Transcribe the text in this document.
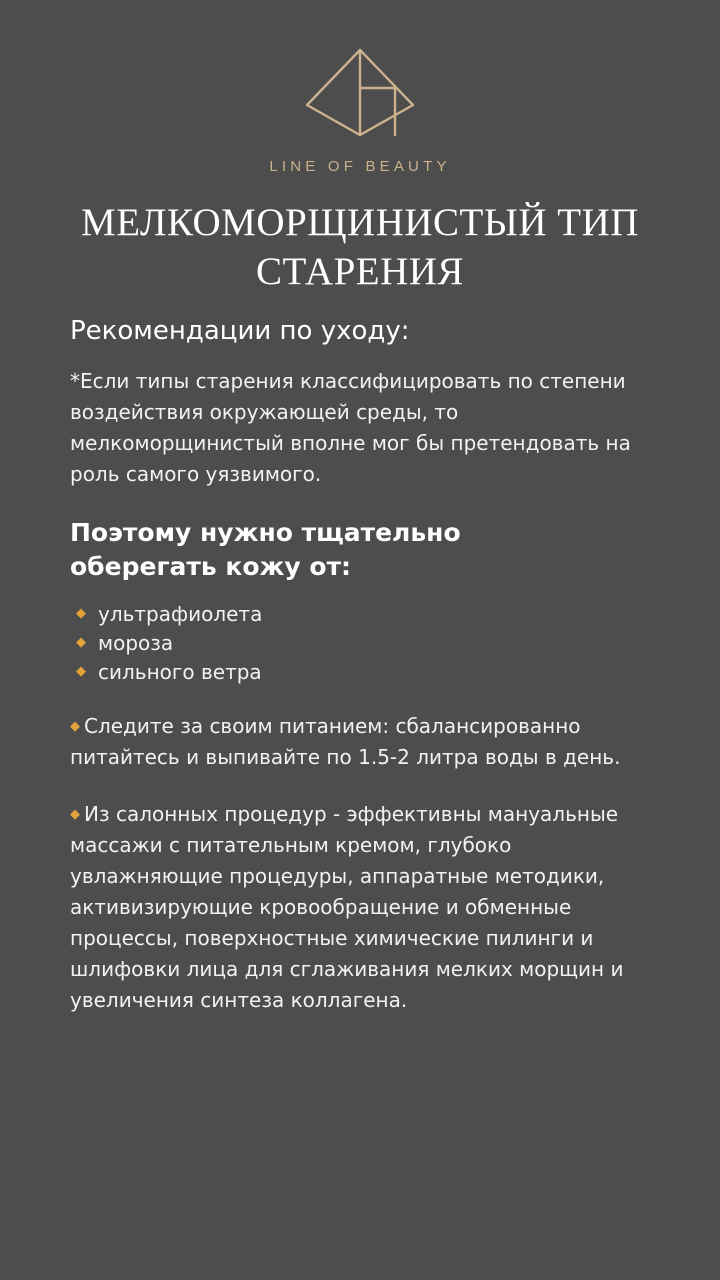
LINE OF BEAUTY
МЕЛКОМОРЩИНИСТЫЙ ТИП СТАРЕНИЯ
Рекомендации по уходу:

*Если типы старения классифицировать по степени воздействия окружающей среды, то мелкоморщинистый вполне мог бы претендовать на роль самого уязвимого.

Поэтому нужно тщательно оберегать кожу от:
◆ ультрафиолета
◆ мороза
◆ сильного ветра

◆ Следите за своим питанием: сбалансированно питайтесь и выпивайте по 1.5-2 литра воды в день.

◆ Из салонных процедур - эффективны мануальные массажи с питательным кремом, глубоко увлажняющие процедуры, аппаратные методики, активизирующие кровообращение и обменные процессы, поверхностные химические пилинги и шлифовки лица для сглаживания мелких морщин и увеличения синтеза коллагена.
